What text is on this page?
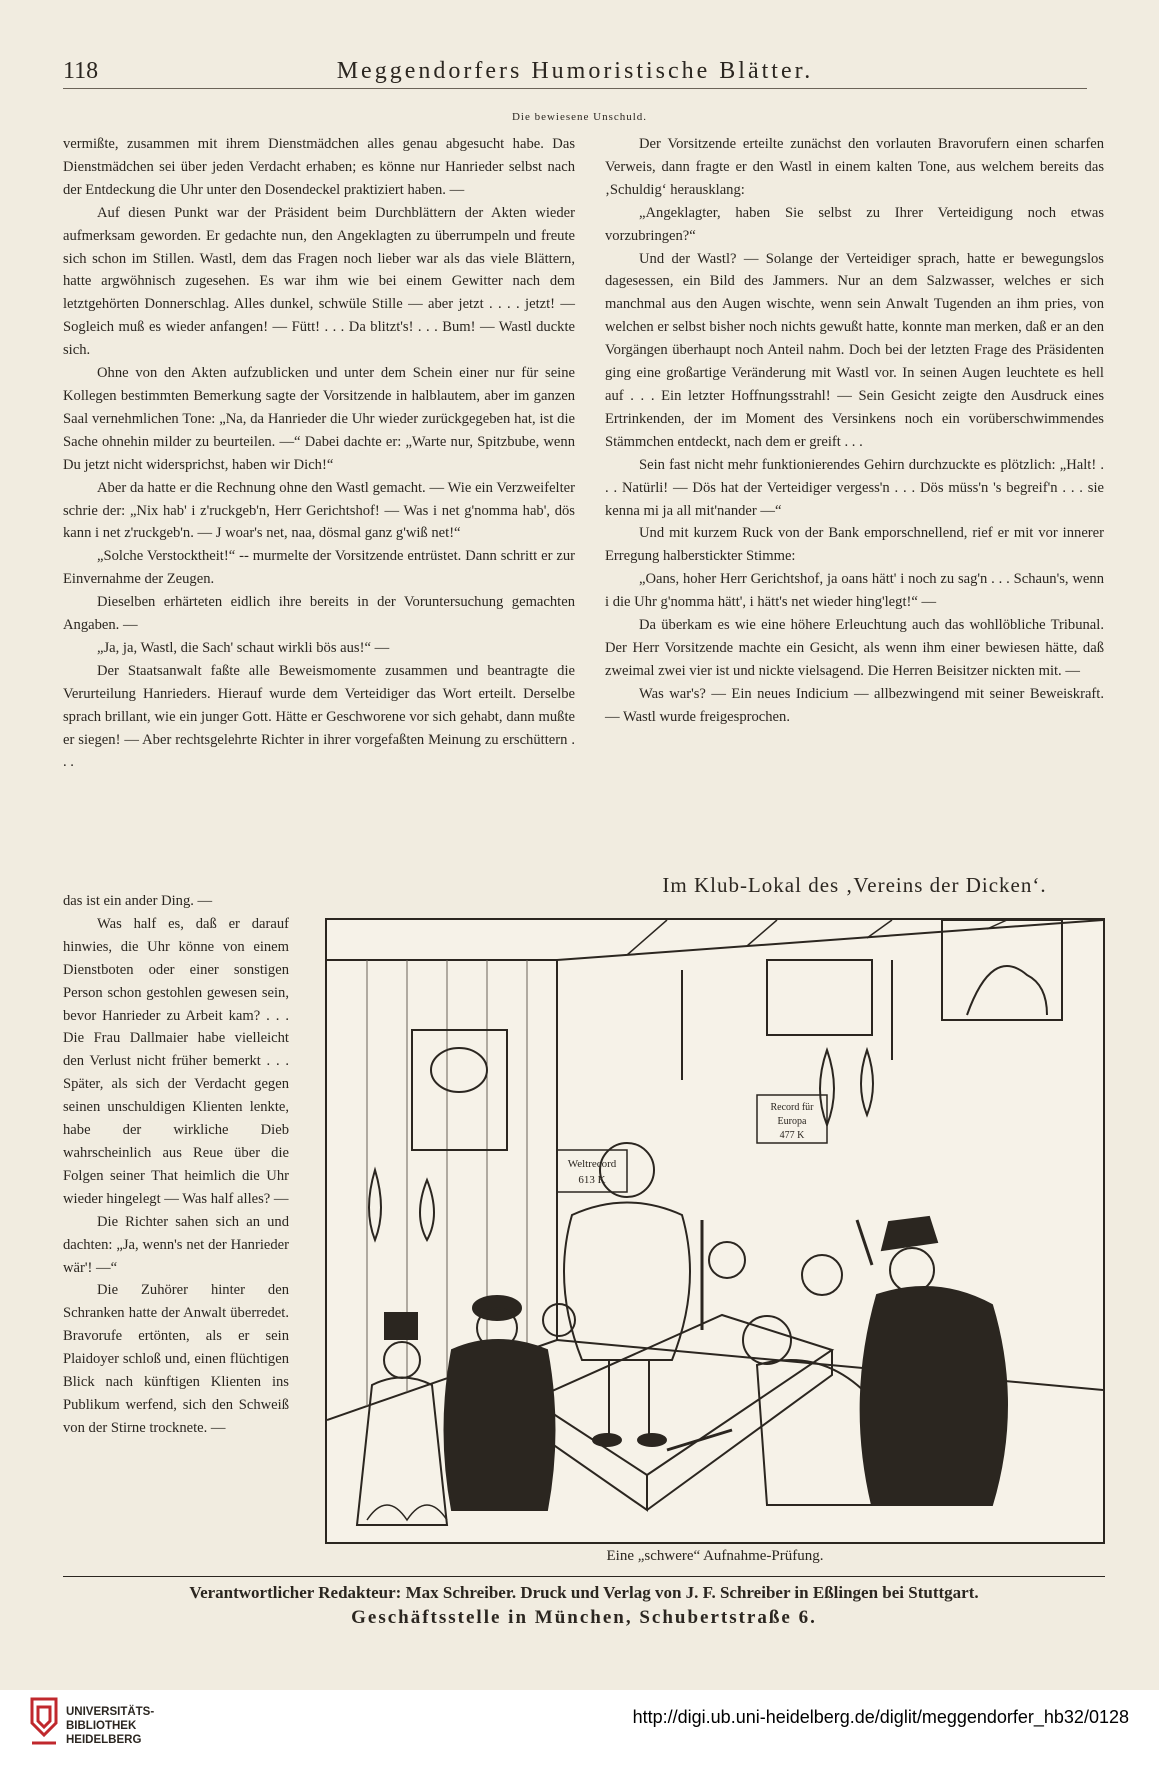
118	Meggendorfers Humoristische Blätter.
Die bewiesene Unschuld.

vermißte, zusammen mit ihrem Dienstmädchen alles genau abgesucht habe. Das Dienstmädchen sei über jeden Verdacht erhaben; es könne nur Hanrieder selbst nach der Entdeckung die Uhr unter den Dosendeckel praktiziert haben. —

Auf diesen Punkt war der Präsident beim Durchblättern der Akten wieder aufmerksam geworden. Er gedachte nun, den Angeklagten zu überrumpeln und freute sich schon im Stillen. Wastl, dem das Fragen noch lieber war als das viele Blättern, hatte argwöhnisch zugesehen. Es war ihm wie bei einem Gewitter nach dem letztgehörten Donnerschlag. Alles dunkel, schwüle Stille — aber jetzt . . . . jetzt! — Sogleich muß es wieder anfangen! — Fütt! . . . Da blitzt's! . . . Bum! — Wastl duckte sich.

Ohne von den Akten aufzublicken und unter dem Schein einer nur für seine Kollegen bestimmten Bemerkung sagte der Vorsitzende in halblautem, aber im ganzen Saal vernehmlichen Tone: „Na, da Hanrieder die Uhr wieder zurückgegeben hat, ist die Sache ohnehin milder zu beurteilen. —“ Dabei dachte er: „Warte nur, Spitzbube, wenn Du jetzt nicht widersprichst, haben wir Dich!“

Aber da hatte er die Rechnung ohne den Wastl gemacht. — Wie ein Verzweifelter schrie der: „Nix hab' i z'ruckgeb'n, Herr Gerichtshof! — Was i net g'nomma hab', dös kann i net z'ruckgeb'n. — J woar's net, naa, dösmal ganz g'wiß net!“

„Solche Verstocktheit!“ -- murmelte der Vorsitzende entrüstet. Dann schritt er zur Einvernahme der Zeugen.

Dieselben erhärteten eidlich ihre bereits in der Voruntersuchung gemachten Angaben. —

„Ja, ja, Wastl, die Sach' schaut wirkli bös aus!“ —

Der Staatsanwalt faßte alle Beweismomente zusammen und beantragte die Verurteilung Hanrieders. Hierauf wurde dem Verteidiger das Wort erteilt. Derselbe sprach brillant, wie ein junger Gott. Hätte er Geschworene vor sich gehabt, dann mußte er siegen! — Aber rechtsgelehrte Richter in ihrer vorgefaßten Meinung zu erschüttern . . .

das ist ein ander Ding. —

Was half es, daß er darauf hinwies, die Uhr könne von einem Dienstboten oder einer sonstigen Person schon gestohlen gewesen sein, bevor Hanrieder zu Arbeit kam? . . . Die Frau Dallmaier habe vielleicht den Verlust nicht früher bemerkt . . . Später, als sich der Verdacht gegen seinen unschuldigen Klienten lenkte, habe der wirkliche Dieb wahrscheinlich aus Reue über die Folgen seiner That heimlich die Uhr wieder hingelegt — Was half alles? —

Die Richter sahen sich an und dachten: „Ja, wenn's net der Hanrieder wär'! —“

Die Zuhörer hinter den Schranken hatte der Anwalt überredet. Bravorufe ertönten, als er sein Plaidoyer schloß und, einen flüchtigen Blick nach künftigen Klienten ins Publikum werfend, sich den Schweiß von der Stirne trocknete. —

Der Vorsitzende erteilte zunächst den vorlauten Bravorufern einen scharfen Verweis, dann fragte er den Wastl in einem kalten Tone, aus welchem bereits das ‚Schuldig‘ herausklang:

„Angeklagter, haben Sie selbst zu Ihrer Verteidigung noch etwas vorzubringen?“

Und der Wastl? — Solange der Verteidiger sprach, hatte er bewegungslos dagesessen, ein Bild des Jammers. Nur an dem Salzwasser, welches er sich manchmal aus den Augen wischte, wenn sein Anwalt Tugenden an ihm pries, von welchen er selbst bisher noch nichts gewußt hatte, konnte man merken, daß er an den Vorgängen überhaupt noch Anteil nahm. Doch bei der letzten Frage des Präsidenten ging eine großartige Veränderung mit Wastl vor. In seinen Augen leuchtete es hell auf . . . Ein letzter Hoffnungsstrahl! — Sein Gesicht zeigte den Ausdruck eines Ertrinkenden, der im Moment des Versinkens noch ein vorüberschwimmendes Stämmchen entdeckt, nach dem er greift . . .

Sein fast nicht mehr funktionierendes Gehirn durchzuckte es plötzlich: „Halt! . . . Natürli! — Dös hat der Verteidiger vergess'n . . . Dös müss'n 's begreif'n . . . sie kenna mi ja all mit'nander —“

Und mit kurzem Ruck von der Bank emporschnellend, rief er mit vor innerer Erregung halberstickter Stimme:

„Oans, hoher Herr Gerichtshof, ja oans hätt' i noch zu sag'n . . . Schaun's, wenn i die Uhr g'nomma hätt', i hätt's net wieder hing'legt!“ —

Da überkam es wie eine höhere Erleuchtung auch das wohllöbliche Tribunal. Der Herr Vorsitzende machte ein Gesicht, als wenn ihm einer bewiesen hätte, daß zweimal zwei vier ist und nickte vielsagend. Die Herren Beisitzer nickten mit. —

Was war's? — Ein neues Indicium — allbezwingend mit seiner Beweiskraft. — Wastl wurde freigesprochen.

Im Klub-Lokal des ‚Vereins der Dicken‘.
Weltrecord
613 K
Record für
Europa
477 K
Eine „schwere“ Aufnahme-Prüfung.
Verantwortlicher Redakteur: Max Schreiber. Druck und Verlag von J. F. Schreiber in Eßlingen bei Stuttgart.
Geschäftsstelle in München, Schubertstraße 6.
UNIVERSITÄTS-
BIBLIOTHEK
HEIDELBERG
http://digi.ub.uni-heidelberg.de/diglit/meggendorfer_hb32/0128
